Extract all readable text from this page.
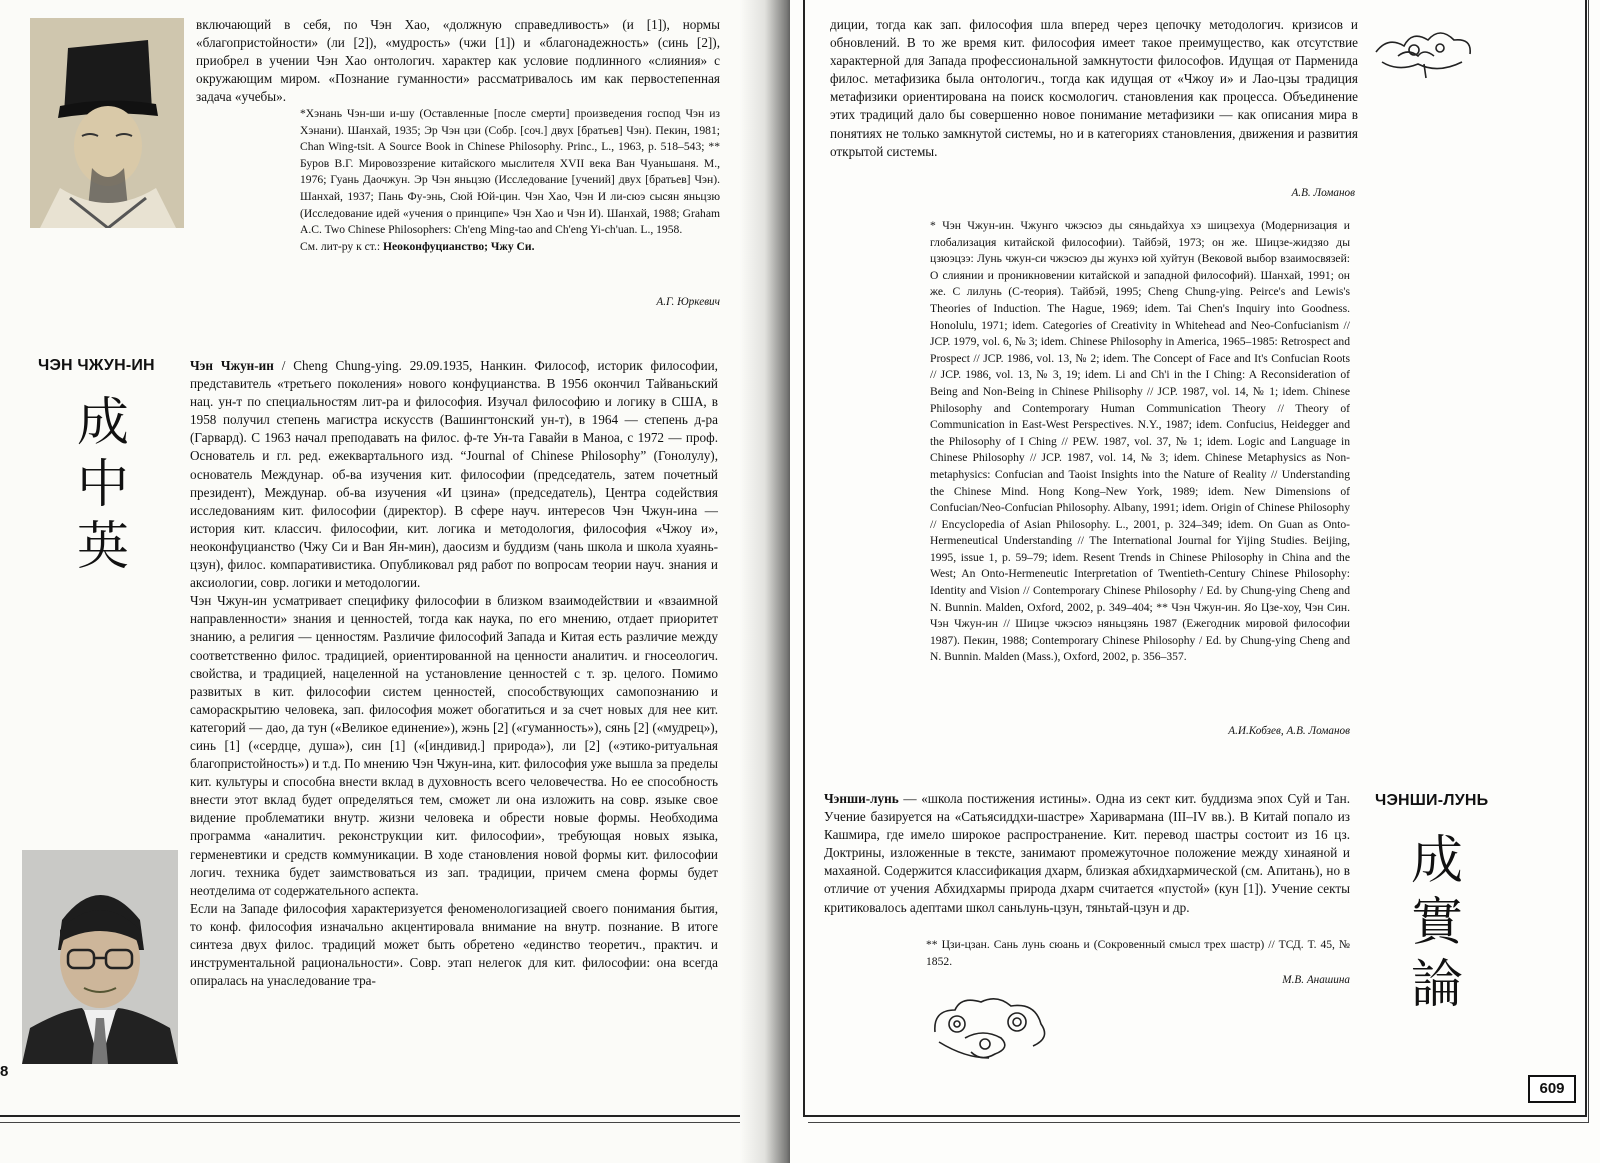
включающий в себя, по Чэн Хао, «должную справедливость» (и [1]), нормы «благопристойности» (ли [2]), «мудрость» (чжи [1]) и «благонадежность» (синь [2]), приобрел в учении Чэн Хао онтологич. характер как условие подлинного «слияния» с окружающим миром. «Познание гуманности» рассматривалось им как первостепенная задача «учебы».

*Хэнань Чэн-ши и-шу (Оставленные [после смерти] произведения господ Чэн из Хэнани). Шанхай, 1935; Эр Чэн цзи (Собр. [соч.] двух [братьев] Чэн). Пекин, 1981; Chan Wing-tsit. A Source Book in Chinese Philosophy. Princ., L., 1963, p. 518–543; ** Буров В.Г. Мировоззрение китайского мыслителя XVII века Ван Чуаньшаня. М., 1976; Гуань Даочжун. Эр Чэн яньцзю (Исследование [учений] двух [братьев] Чэн). Шанхай, 1937; Пань Фу-энь, Сюй Юй-цин. Чэн Хао, Чэн И ли-сюэ сысян яньцзю (Исследование идей «учения о принципе» Чэн Хао и Чэн И). Шанхай, 1988; Graham A.C. Two Chinese Philosophers: Ch'eng Ming-tao and Ch'eng Yi-ch'uan. L., 1958.

См. лит-ру к ст.: Неоконфуцианство; Чжу Си.

А.Г. Юркевич
ЧЭН ЧЖУН-ИН
成
中
英

Чэн Чжун-ин / Cheng Chung-ying. 29.09.1935, Нанкин. Философ, историк философии, представитель «третьего поколения» нового конфуцианства. В 1956 окончил Тайваньский нац. ун-т по специальностям лит-ра и философия. Изучал философию и логику в США, в 1958 получил степень магистра искусств (Вашингтонский ун-т), в 1964 — степень д-ра (Гарвард). С 1963 начал преподавать на филос. ф-те Ун-та Гавайи в Маноа, с 1972 — проф. Основатель и гл. ред. ежеквартального изд. “Journal of Chinese Philosophy” (Гонолулу), основатель Междунар. об-ва изучения кит. философии (председатель, затем почетный президент), Междунар. об-ва изучения «И цзина» (председатель), Центра содействия исследованиям кит. философии (директор). В сфере науч. интересов Чэн Чжун-ина — история кит. классич. философии, кит. логика и методология, философия «Чжоу и», неоконфуцианство (Чжу Си и Ван Ян-мин), даосизм и буддизм (чань школа и школа хуаянь-цзун), филос. компаративистика. Опубликовал ряд работ по вопросам теории науч. знания и аксиологии, совр. логики и методологии.

Чэн Чжун-ин усматривает специфику философии в близком взаимодействии и «взаимной направленности» знания и ценностей, тогда как наука, по его мнению, отдает приоритет знанию, а религия — ценностям. Различие философий Запада и Китая есть различие между соответственно филос. традицией, ориентированной на ценности аналитич. и гносеологич. свойства, и традицией, нацеленной на установление ценностей с т. зр. целого. Помимо развитых в кит. философии систем ценностей, способствующих самопознанию и самораскрытию человека, зап. философия может обогатиться и за счет новых для нее кит. категорий — дао, да тун («Великое единение»), жэнь [2] («гуманность»), сянь [2] («мудрец»), синь [1] («сердце, душа»), син [1] («[индивид.] природа»), ли [2] («этико-ритуальная благопристойность») и т.д. По мнению Чэн Чжун-ина, кит. философия уже вышла за пределы кит. культуры и способна внести вклад в духовность всего человечества. Но ее способность внести этот вклад будет определяться тем, сможет ли она изложить на совр. языке свое видение проблематики внутр. жизни человека и обрести новые формы. Необходима программа «аналитич. реконструкции кит. философии», требующая новых языка, герменевтики и средств коммуникации. В ходе становления новой формы кит. философии логич. техника будет заимствоваться из зап. традиции, причем смена формы будет неотделима от содержательного аспекта.

Если на Западе философия характеризуется феноменологизацией своего понимания бытия, то конф. философия изначально акцентировала внимание на внутр. познание. В итоге синтеза двух филос. традиций может быть обретено «единство теоретич., практич. и инструментальной рациональности». Совр. этап нелегок для кит. философии: она всегда опиралась на унаследование тра-

8

диции, тогда как зап. философия шла вперед через цепочку методологич. кризисов и обновлений. В то же время кит. философия имеет такое преимущество, как отсутствие характерной для Запада профессиональной замкнутости философов. Идущая от Парменида филос. метафизика была онтологич., тогда как идущая от «Чжоу и» и Лао-цзы традиция метафизики ориентирована на поиск космологич. становления как процесса. Объединение этих традиций дало бы совершенно новое понимание метафизики — как описания мира в понятиях не только замкнутой системы, но и в категориях становления, движения и развития открытой системы.

А.В. Ломанов

* Чэн Чжун-ин. Чжунго чжэсюэ ды сяньдайхуа хэ шицзехуа (Модернизация и глобализация китайской философии). Тайбэй, 1973; он же. Шицзе-жидзяо ды цзюэцзэ: Лунь чжун-си чжэсюэ ды жунхэ юй хуйтун (Вековой выбор взаимосвязей: О слиянии и проникновении китайской и западной философий). Шанхай, 1991; он же. С лилунь (C-теория). Тайбэй, 1995; Cheng Chung-ying. Peirce's and Lewis's Theories of Induction. The Hague, 1969; idem. Tai Chen's Inquiry into Goodness. Honolulu, 1971; idem. Categories of Creativity in Whitehead and Neo-Confucianism // JCP. 1979, vol. 6, № 3; idem. Chinese Philosophy in America, 1965–1985: Retrospect and Prospect // JCP. 1986, vol. 13, № 2; idem. The Concept of Face and It's Confucian Roots // JCP. 1986, vol. 13, № 3, 19; idem. Li and Ch'i in the I Ching: A Reconsideration of Being and Non-Being in Chinese Philisophy // JCP. 1987, vol. 14, № 1; idem. Chinese Philosophy and Contemporary Human Communication Theory // Theory of Communication in East-West Perspectives. N.Y., 1987; idem. Confucius, Heidegger and the Philosophy of I Ching // PEW. 1987, vol. 37, № 1; idem. Logic and Language in Chinese Philosophy // JCP. 1987, vol. 14, № 3; idem. Chinese Metaphysics as Non-metaphysics: Confucian and Taoist Insights into the Nature of Reality // Understanding the Chinese Mind. Hong Kong–New York, 1989; idem. New Dimensions of Confucian/Neo-Confucian Philosophy. Albany, 1991; idem. Origin of Chinese Philosophy // Encyclopedia of Asian Philosophy. L., 2001, p. 324–349; idem. On Guan as Onto-Hermeneutical Understanding // The International Journal for Yijing Studies. Beijing, 1995, issue 1, p. 59–79; idem. Resent Trends in Chinese Philosophy in China and the West; An Onto-Hermeneutic Interpretation of Twentieth-Century Chinese Philosophy: Identity and Vision // Contemporary Chinese Philosophy / Ed. by Chung-ying Cheng and N. Bunnin. Malden, Oxford, 2002, p. 349–404; ** Чэн Чжун-ин. Яо Цзе-хоу, Чэн Син. Чэн Чжун-ин // Шицзе чжэсюэ няньцзянь 1987 (Ежегодник мировой философии 1987). Пекин, 1988; Contemporary Chinese Philosophy / Ed. by Chung-ying Cheng and N. Bunnin. Malden (Mass.), Oxford, 2002, p. 356–357.

А.И.Кобзев, А.В. Ломанов

Чэнши-лунь — «школа постижения истины». Одна из сект кит. буддизма эпох Суй и Тан. Учение базируется на «Сатьясиддхи-шастре» Харивармана (III–IV вв.). В Китай попало из Кашмира, где имело широкое распространение. Кит. перевод шастры состоит из 16 цз. Доктрины, изложенные в тексте, занимают промежуточное положение между хинаяной и махаяной. Содержится классификация дхарм, близкая абхидхармической (см. Апитань), но в отличие от учения Абхидхармы природа дхарм считается «пустой» (кун [1]). Учение секты критиковалось адептами школ саньлунь-цзун, тяньтай-цзун и др.

** Цзи-цзан. Сань лунь сюань и (Сокровенный смысл трех шастр) // ТСД. Т. 45, № 1852.

М.В. Анашина
ЧЭНШИ-ЛУНЬ
成
實
論
609
